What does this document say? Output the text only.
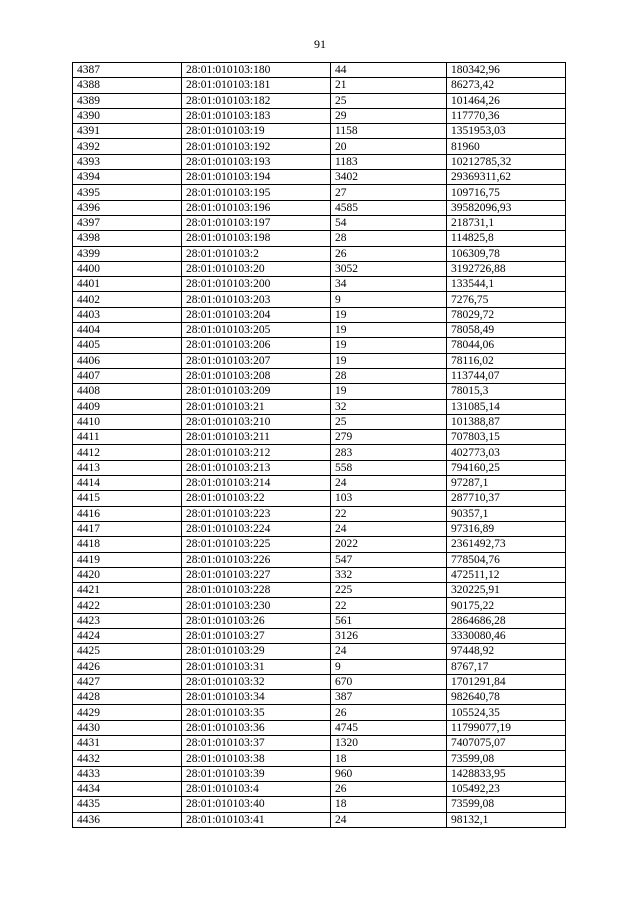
91
4387	28:01:010103:180	44	180342,96
4388	28:01:010103:181	21	86273,42
4389	28:01:010103:182	25	101464,26
4390	28:01:010103:183	29	117770,36
4391	28:01:010103:19	1158	1351953,03
4392	28:01:010103:192	20	81960
4393	28:01:010103:193	1183	10212785,32
4394	28:01:010103:194	3402	29369311,62
4395	28:01:010103:195	27	109716,75
4396	28:01:010103:196	4585	39582096,93
4397	28:01:010103:197	54	218731,1
4398	28:01:010103:198	28	114825,8
4399	28:01:010103:2	26	106309,78
4400	28:01:010103:20	3052	3192726,88
4401	28:01:010103:200	34	133544,1
4402	28:01:010103:203	9	7276,75
4403	28:01:010103:204	19	78029,72
4404	28:01:010103:205	19	78058,49
4405	28:01:010103:206	19	78044,06
4406	28:01:010103:207	19	78116,02
4407	28:01:010103:208	28	113744,07
4408	28:01:010103:209	19	78015,3
4409	28:01:010103:21	32	131085,14
4410	28:01:010103:210	25	101388,87
4411	28:01:010103:211	279	707803,15
4412	28:01:010103:212	283	402773,03
4413	28:01:010103:213	558	794160,25
4414	28:01:010103:214	24	97287,1
4415	28:01:010103:22	103	287710,37
4416	28:01:010103:223	22	90357,1
4417	28:01:010103:224	24	97316,89
4418	28:01:010103:225	2022	2361492,73
4419	28:01:010103:226	547	778504,76
4420	28:01:010103:227	332	472511,12
4421	28:01:010103:228	225	320225,91
4422	28:01:010103:230	22	90175,22
4423	28:01:010103:26	561	2864686,28
4424	28:01:010103:27	3126	3330080,46
4425	28:01:010103:29	24	97448,92
4426	28:01:010103:31	9	8767,17
4427	28:01:010103:32	670	1701291,84
4428	28:01:010103:34	387	982640,78
4429	28:01:010103:35	26	105524,35
4430	28:01:010103:36	4745	11799077,19
4431	28:01:010103:37	1320	7407075,07
4432	28:01:010103:38	18	73599,08
4433	28:01:010103:39	960	1428833,95
4434	28:01:010103:4	26	105492,23
4435	28:01:010103:40	18	73599,08
4436	28:01:010103:41	24	98132,1
